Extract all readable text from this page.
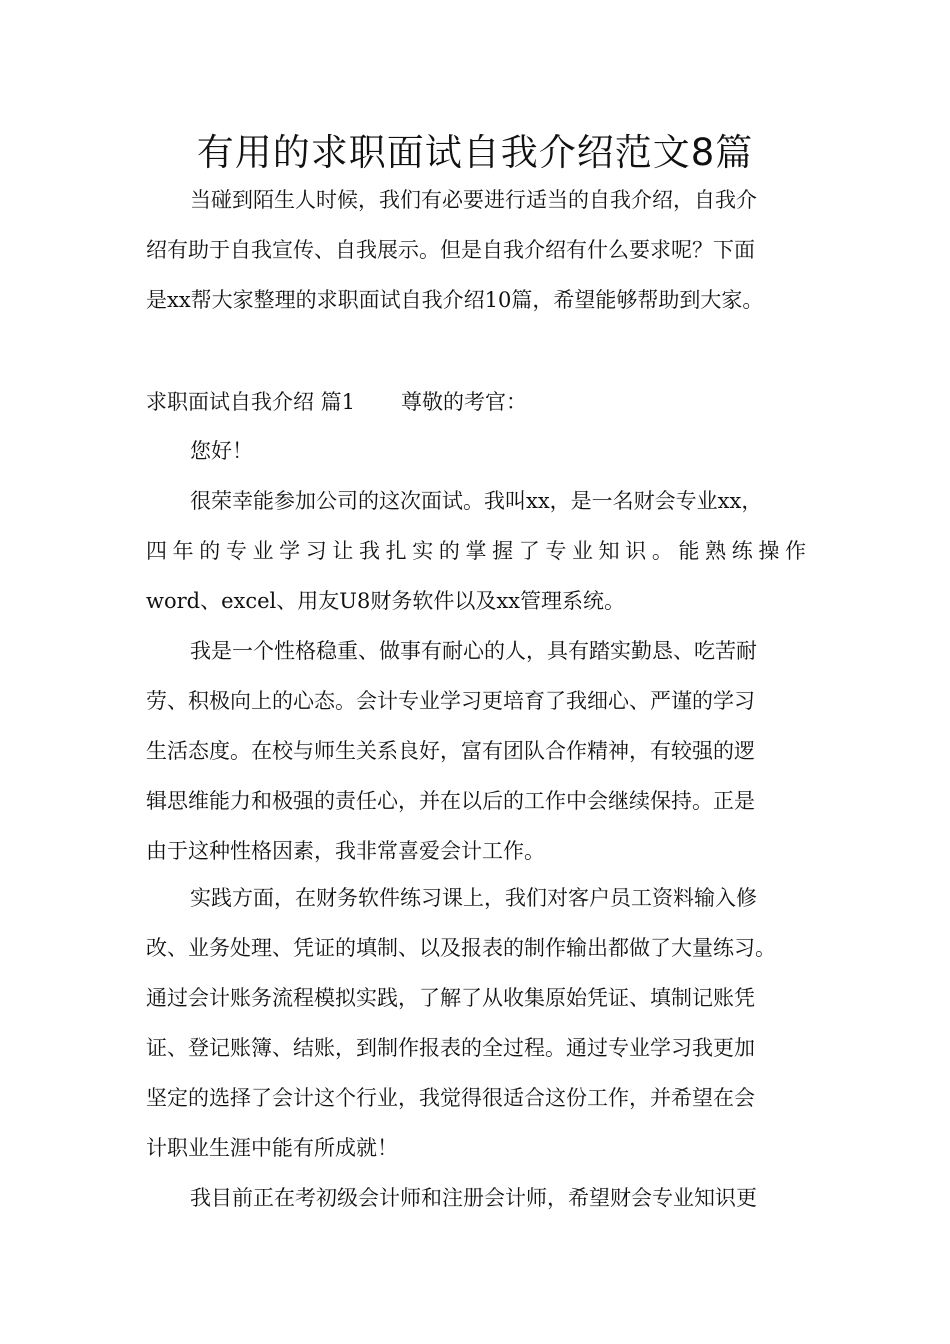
有用的求职面试自我介绍范文8篇
当碰到陌生人时候，我们有必要进行适当的自我介绍，自我介
绍有助于自我宣传、自我展示。但是自我介绍有什么要求呢？下面
是xx帮大家整理的求职面试自我介绍10篇，希望能够帮助到大家。
求职面试自我介绍 篇1 尊敬的考官：
您好！
很荣幸能参加公司的这次面试。我叫xx，是一名财会专业xx，
四年的专业学习让我扎实的掌握了专业知识。能熟练操作
word、excel、用友U8财务软件以及xx管理系统。
我是一个性格稳重、做事有耐心的人，具有踏实勤恳、吃苦耐
劳、积极向上的心态。会计专业学习更培育了我细心、严谨的学习
生活态度。在校与师生关系良好，富有团队合作精神，有较强的逻
辑思维能力和极强的责任心，并在以后的工作中会继续保持。正是
由于这种性格因素，我非常喜爱会计工作。
实践方面，在财务软件练习课上，我们对客户员工资料输入修
改、业务处理、凭证的填制、以及报表的制作输出都做了大量练习。
通过会计账务流程模拟实践，了解了从收集原始凭证、填制记账凭
证、登记账簿、结账，到制作报表的全过程。通过专业学习我更加
坚定的选择了会计这个行业，我觉得很适合这份工作，并希望在会
计职业生涯中能有所成就！
我目前正在考初级会计师和注册会计师，希望财会专业知识更
